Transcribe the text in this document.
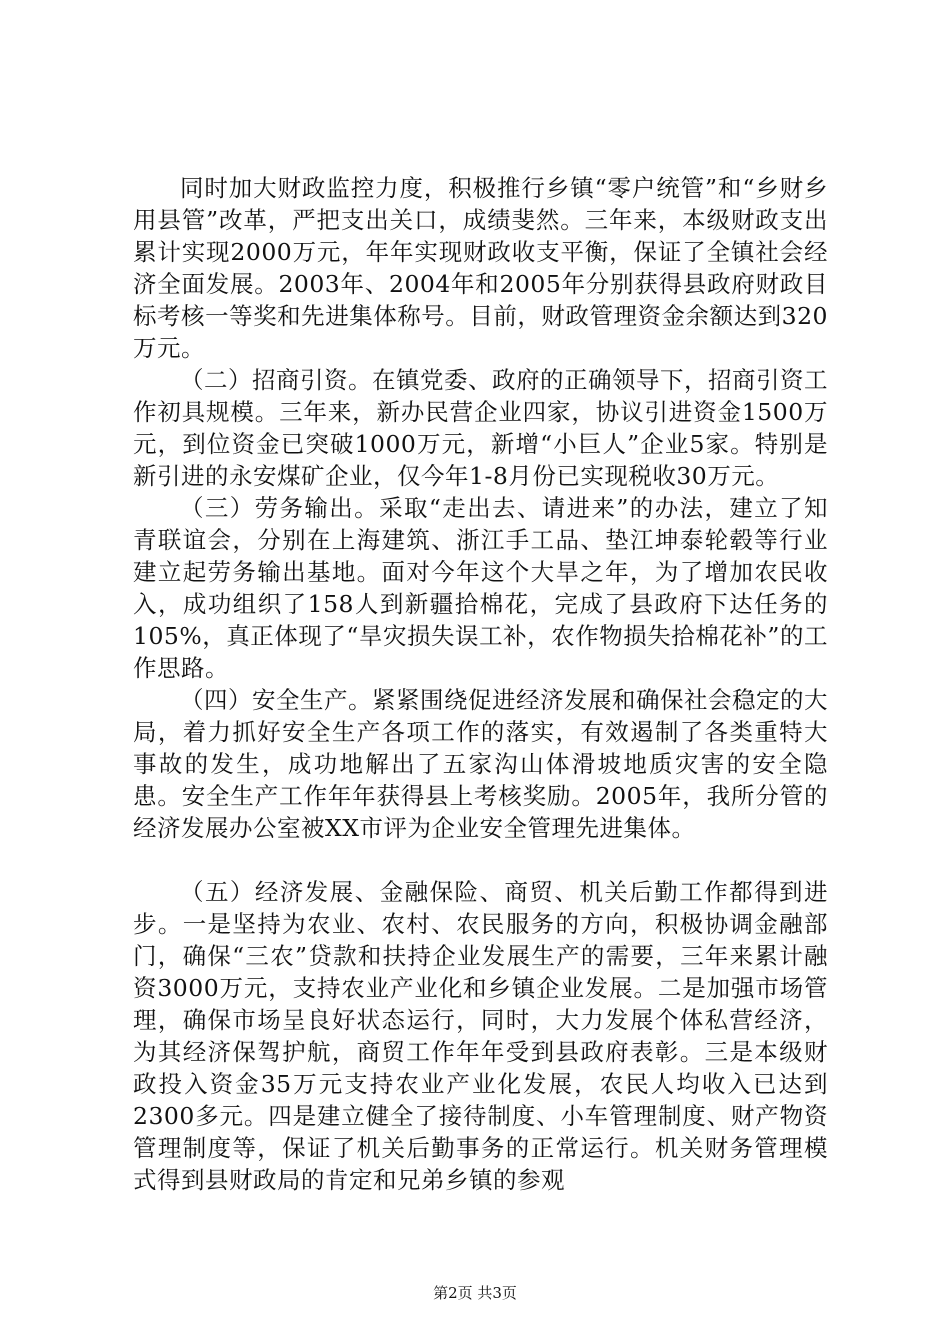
同时加大财政监控力度，积极推行乡镇“零户统管”和“乡财乡用县管”改革，严把支出关口，成绩斐然。三年来，本级财政支出累计实现2000万元，年年实现财政收支平衡，保证了全镇社会经济全面发展。2003年、2004年和2005年分别获得县政府财政目标考核一等奖和先进集体称号。目前，财政管理资金余额达到320万元。

（二）招商引资。在镇党委、政府的正确领导下，招商引资工作初具规模。三年来，新办民营企业四家，协议引进资金1500万元，到位资金已突破1000万元，新增“小巨人”企业5家。特别是新引进的永安煤矿企业，仅今年1-8月份已实现税收30万元。

（三）劳务输出。采取“走出去、请进来”的办法，建立了知青联谊会，分别在上海建筑、浙江手工品、垫江坤泰轮毂等行业建立起劳务输出基地。面对今年这个大旱之年，为了增加农民收入，成功组织了158人到新疆拾棉花，完成了县政府下达任务的105%，真正体现了“旱灾损失误工补，农作物损失拾棉花补”的工作思路。

（四）安全生产。紧紧围绕促进经济发展和确保社会稳定的大局，着力抓好安全生产各项工作的落实，有效遏制了各类重特大事故的发生，成功地解出了五家沟山体滑坡地质灾害的安全隐患。安全生产工作年年获得县上考核奖励。2005年，我所分管的经济发展办公室被XX市评为企业安全管理先进集体。

（五）经济发展、金融保险、商贸、机关后勤工作都得到进步。一是坚持为农业、农村、农民服务的方向，积极协调金融部门，确保“三农”贷款和扶持企业发展生产的需要，三年来累计融资3000万元，支持农业产业化和乡镇企业发展。二是加强市场管理，确保市场呈良好状态运行，同时，大力发展个体私营经济，为其经济保驾护航，商贸工作年年受到县政府表彰。三是本级财政投入资金35万元支持农业产业化发展，农民人均收入已达到2300多元。四是建立健全了接待制度、小车管理制度、财产物资管理制度等，保证了机关后勤事务的正常运行。机关财务管理模式得到县财政局的肯定和兄弟乡镇的参观

第2页 共3页
